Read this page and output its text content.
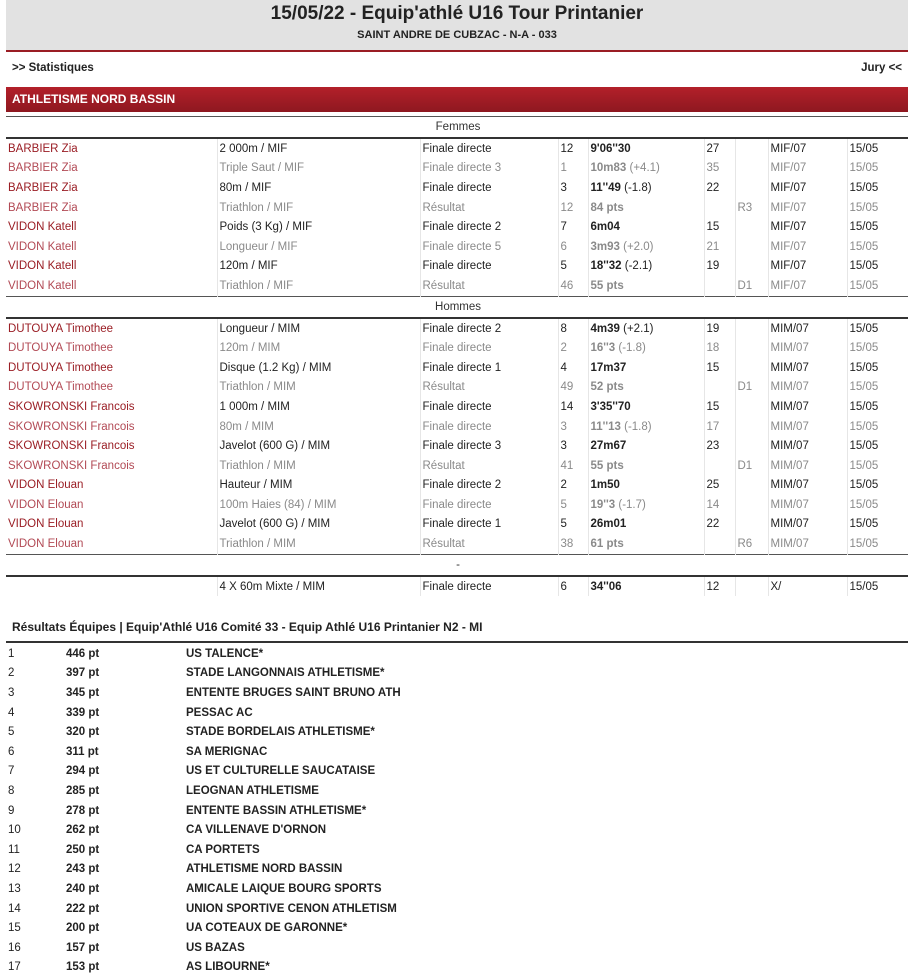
15/05/22 - Equip'athlé U16 Tour Printanier
SAINT ANDRE DE CUBZAC - N-A - 033
>> Statistiques	Jury <<
ATHLETISME NORD BASSIN
Femmes								
BARBIER Zia	2 000m / MIF	Finale directe	12	9'06''30	27		MIF/07	15/05
BARBIER Zia	Triple Saut / MIF	Finale directe 3	1	10m83 (+4.1)	35		MIF/07	15/05
BARBIER Zia	80m / MIF	Finale directe	3	11''49 (-1.8)	22		MIF/07	15/05
BARBIER Zia	Triathlon / MIF	Résultat	12	84 pts		R3	MIF/07	15/05
VIDON Katell	Poids (3 Kg) / MIF	Finale directe 2	7	6m04	15		MIF/07	15/05
VIDON Katell	Longueur / MIF	Finale directe 5	6	3m93 (+2.0)	21		MIF/07	15/05
VIDON Katell	120m / MIF	Finale directe	5	18''32 (-2.1)	19		MIF/07	15/05
VIDON Katell	Triathlon / MIF	Résultat	46	55 pts		D1	MIF/07	15/05
Hommes								
DUTOUYA Timothee	Longueur / MIM	Finale directe 2	8	4m39 (+2.1)	19		MIM/07	15/05
DUTOUYA Timothee	120m / MIM	Finale directe	2	16''3 (-1.8)	18		MIM/07	15/05
DUTOUYA Timothee	Disque (1.2 Kg) / MIM	Finale directe 1	4	17m37	15		MIM/07	15/05
DUTOUYA Timothee	Triathlon / MIM	Résultat	49	52 pts		D1	MIM/07	15/05
SKOWRONSKI Francois	1 000m / MIM	Finale directe	14	3'35''70	15		MIM/07	15/05
SKOWRONSKI Francois	80m / MIM	Finale directe	3	11''13 (-1.8)	17		MIM/07	15/05
SKOWRONSKI Francois	Javelot (600 G) / MIM	Finale directe 3	3	27m67	23		MIM/07	15/05
SKOWRONSKI Francois	Triathlon / MIM	Résultat	41	55 pts		D1	MIM/07	15/05
VIDON Elouan	Hauteur / MIM	Finale directe 2	2	1m50	25		MIM/07	15/05
VIDON Elouan	100m Haies (84) / MIM	Finale directe	5	19''3 (-1.7)	14		MIM/07	15/05
VIDON Elouan	Javelot (600 G) / MIM	Finale directe 1	5	26m01	22		MIM/07	15/05
VIDON Elouan	Triathlon / MIM	Résultat	38	61 pts		R6	MIM/07	15/05
-								
	4 X 60m Mixte / MIM	Finale directe	6	34''06	12		X/	15/05
Résultats Équipes | Equip'Athlé U16 Comité 33 - Equip Athlé U16 Printanier N2 - MI
1	446 pt	US TALENCE*
2	397 pt	STADE LANGONNAIS ATHLETISME*
3	345 pt	ENTENTE BRUGES SAINT BRUNO ATH
4	339 pt	PESSAC AC
5	320 pt	STADE BORDELAIS ATHLETISME*
6	311 pt	SA MERIGNAC
7	294 pt	US ET CULTURELLE SAUCATAISE
8	285 pt	LEOGNAN ATHLETISME
9	278 pt	ENTENTE BASSIN ATHLETISME*
10	262 pt	CA VILLENAVE D'ORNON
11	250 pt	CA PORTETS
12	243 pt	ATHLETISME NORD BASSIN
13	240 pt	AMICALE LAIQUE BOURG SPORTS
14	222 pt	UNION SPORTIVE CENON ATHLETISM
15	200 pt	UA COTEAUX DE GARONNE*
16	157 pt	US BAZAS
17	153 pt	AS LIBOURNE*
